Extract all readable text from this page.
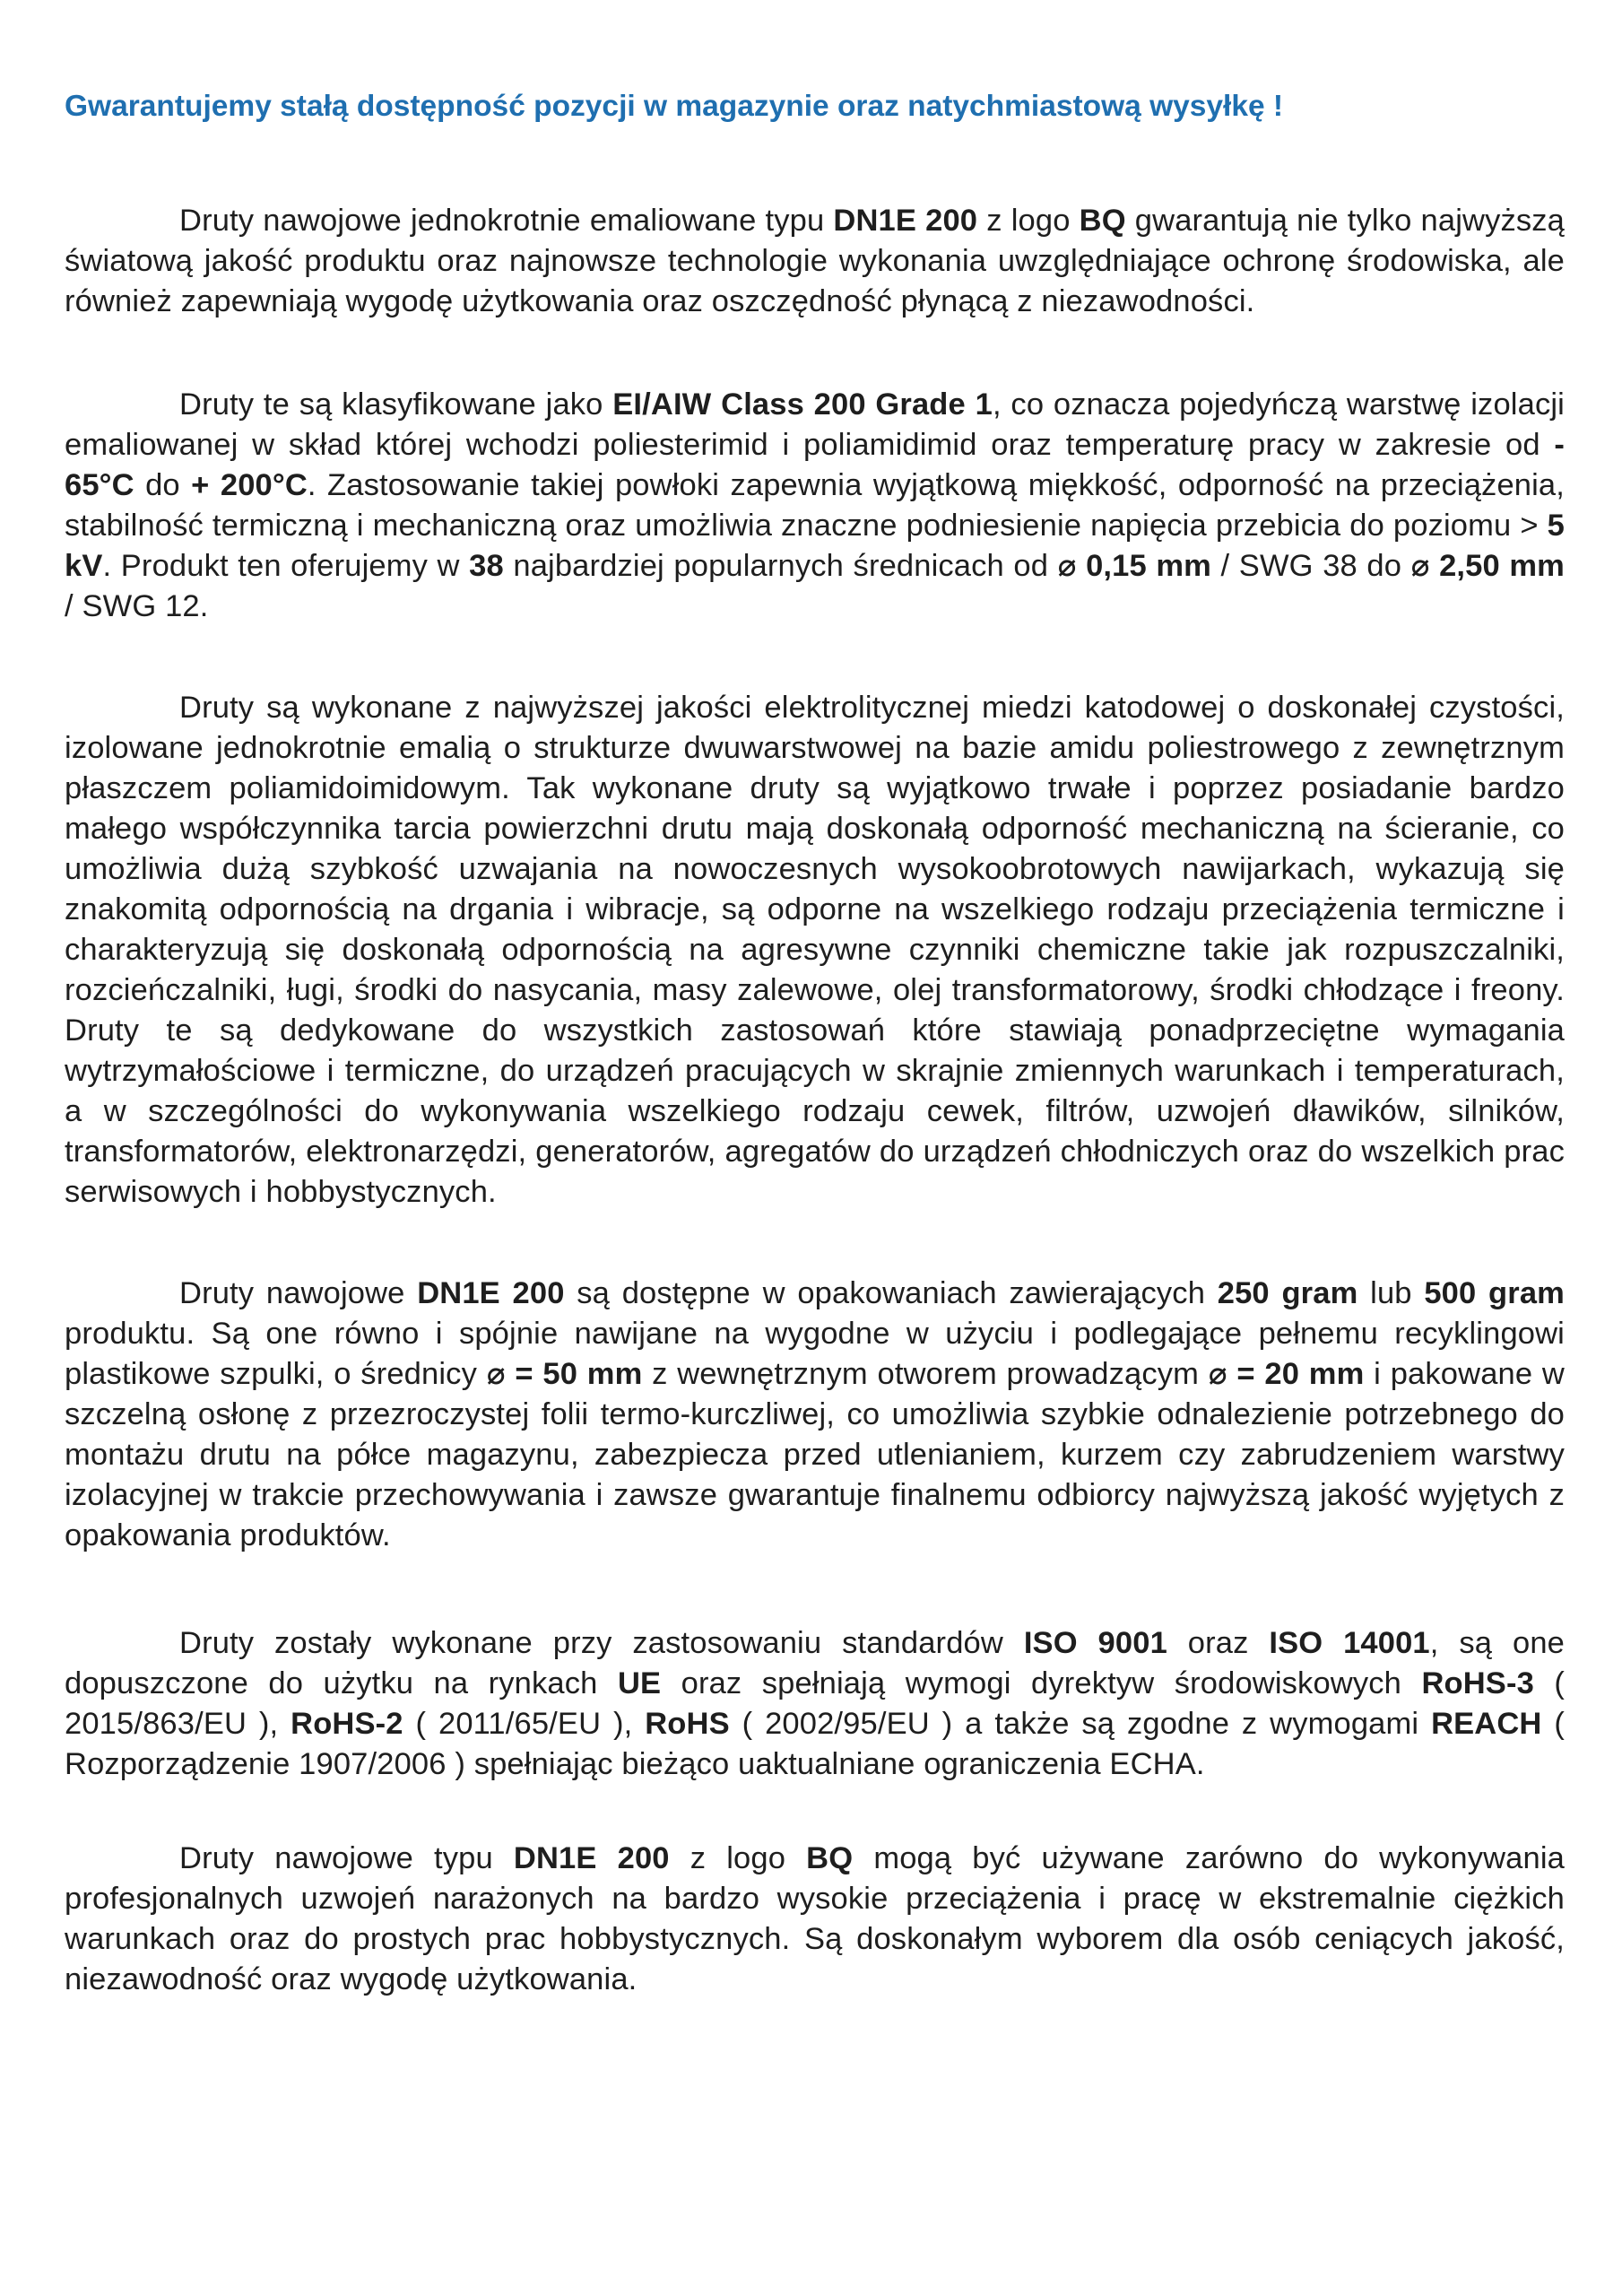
Gwarantujemy stałą dostępność pozycji w magazynie oraz natychmiastową wysyłkę !

Druty nawojowe jednokrotnie emaliowane typu DN1E 200 z logo BQ gwarantują nie tylko najwyższą światową jakość produktu oraz najnowsze technologie wykonania uwzględniające ochronę środowiska, ale również zapewniają wygodę użytkowania oraz oszczędność płynącą z niezawodności.

Druty te są klasyfikowane jako EI/AIW Class 200 Grade 1, co oznacza pojedyńczą warstwę izolacji emaliowanej w skład której wchodzi poliesterimid i poliamidimid oraz temperaturę pracy w zakresie od - 65°C do + 200°C. Zastosowanie takiej powłoki zapewnia wyjątkową miękkość, odporność na przeciążenia, stabilność termiczną i mechaniczną oraz umożliwia znaczne podniesienie napięcia przebicia do poziomu > 5 kV. Produkt ten oferujemy w 38 najbardziej popularnych średnicach od ⌀ 0,15 mm / SWG 38 do ⌀ 2,50 mm / SWG 12.

Druty są wykonane z najwyższej jakości elektrolitycznej miedzi katodowej o doskonałej czystości, izolowane jednokrotnie emalią o strukturze dwuwarstwowej na bazie amidu poliestrowego z zewnętrznym płaszczem poliamidoimidowym. Tak wykonane druty są wyjątkowo trwałe i poprzez posiadanie bardzo małego współczynnika tarcia powierzchni drutu mają doskonałą odporność mechaniczną na ścieranie, co umożliwia dużą szybkość uzwajania na nowoczesnych wysokoobrotowych nawijarkach, wykazują się znakomitą odpornością na drgania i wibracje, są odporne na wszelkiego rodzaju przeciążenia termiczne i charakteryzują się doskonałą odpornością na agresywne czynniki chemiczne takie jak rozpuszczalniki, rozcieńczalniki, ługi, środki do nasycania, masy zalewowe, olej transformatorowy, środki chłodzące i freony. Druty te są dedykowane do wszystkich zastosowań które stawiają ponadprzeciętne wymagania wytrzymałościowe i termiczne, do urządzeń pracujących w skrajnie zmiennych warunkach i temperaturach, a w szczególności do wykonywania wszelkiego rodzaju cewek, filtrów, uzwojeń dławików, silników, transformatorów, elektronarzędzi, generatorów, agregatów do urządzeń chłodniczych oraz do wszelkich prac serwisowych i hobbystycznych.

Druty nawojowe DN1E 200 są dostępne w opakowaniach zawierających 250 gram lub 500 gram produktu. Są one równo i spójnie nawijane na wygodne w użyciu i podlegające pełnemu recyklingowi plastikowe szpulki, o średnicy ⌀ = 50 mm z wewnętrznym otworem prowadzącym ⌀ = 20 mm i pakowane w szczelną osłonę z przezroczystej folii termo-kurczliwej, co umożliwia szybkie odnalezienie potrzebnego do montażu drutu na półce magazynu, zabezpiecza przed utlenianiem, kurzem czy zabrudzeniem warstwy izolacyjnej w trakcie przechowywania i zawsze gwarantuje finalnemu odbiorcy najwyższą jakość wyjętych z opakowania produktów.

Druty zostały wykonane przy zastosowaniu standardów ISO 9001 oraz ISO 14001, są one dopuszczone do użytku na rynkach UE oraz spełniają wymogi dyrektyw środowiskowych RoHS-3 ( 2015/863/EU ), RoHS-2 ( 2011/65/EU ), RoHS ( 2002/95/EU ) a także są zgodne z wymogami REACH ( Rozporządzenie 1907/2006 ) spełniając bieżąco uaktualniane ograniczenia ECHA.

Druty nawojowe typu DN1E 200 z logo BQ mogą być używane zarówno do wykonywania profesjonalnych uzwojeń narażonych na bardzo wysokie przeciążenia i pracę w ekstremalnie ciężkich warunkach oraz do prostych prac hobbystycznych. Są doskonałym wyborem dla osób ceniących jakość, niezawodność oraz wygodę użytkowania.
